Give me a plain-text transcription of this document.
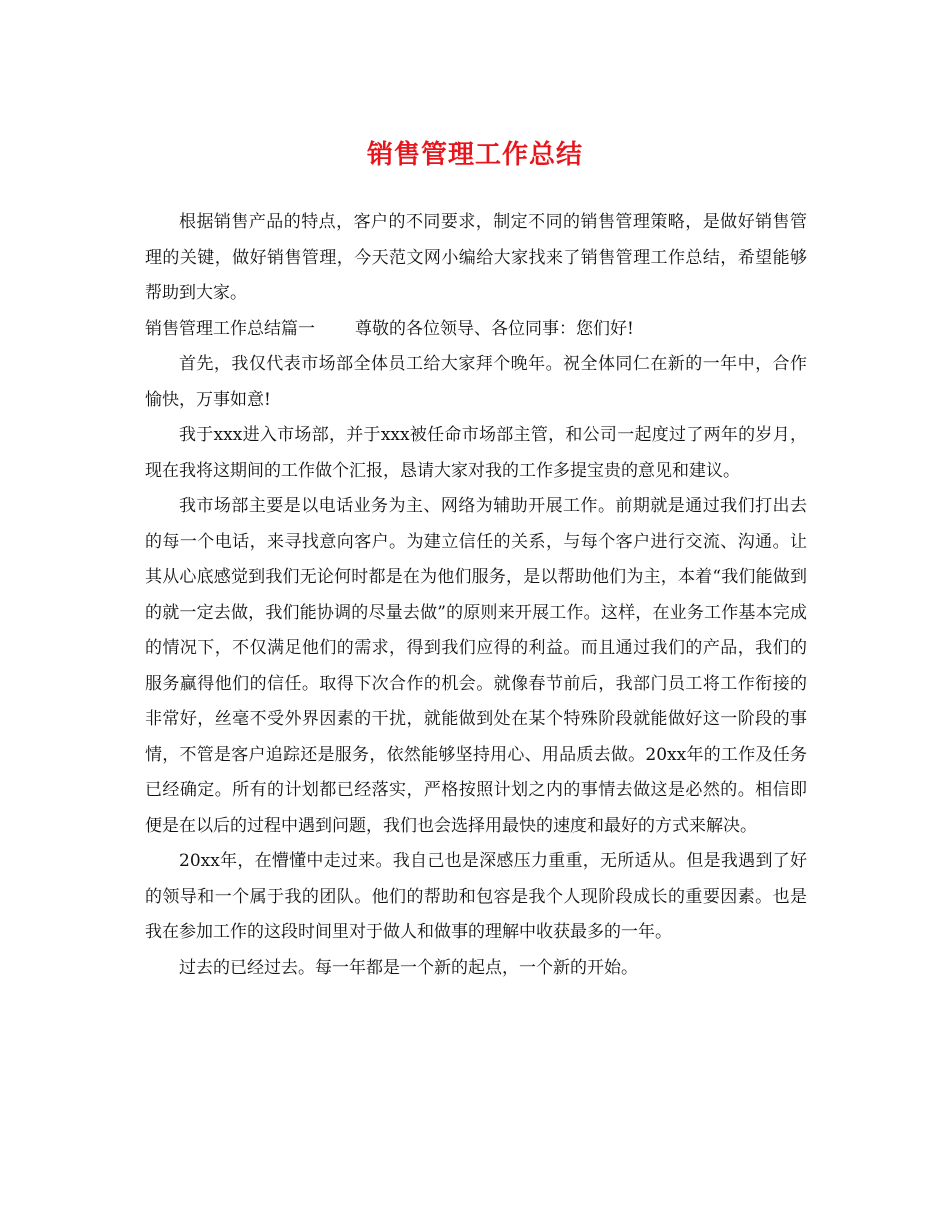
销售管理工作总结

根据销售产品的特点，客户的不同要求，制定不同的销售管理策略，是做好销售管理的关键，做好销售管理，今天范文网小编给大家找来了销售管理工作总结，希望能够帮助到大家。

销售管理工作总结篇一 尊敬的各位领导、各位同事：您们好!

首先，我仅代表市场部全体员工给大家拜个晚年。祝全体同仁在新的一年中，合作愉快，万事如意!

我于xxx进入市场部，并于xxx被任命市场部主管，和公司一起度过了两年的岁月，现在我将这期间的工作做个汇报，恳请大家对我的工作多提宝贵的意见和建议。

我市场部主要是以电话业务为主、网络为辅助开展工作。前期就是通过我们打出去的每一个电话，来寻找意向客户。为建立信任的关系，与每个客户进行交流、沟通。让其从心底感觉到我们无论何时都是在为他们服务，是以帮助他们为主，本着“我们能做到的就一定去做，我们能协调的尽量去做”的原则来开展工作。这样，在业务工作基本完成的情况下，不仅满足他们的需求，得到我们应得的利益。而且通过我们的产品，我们的服务赢得他们的信任。取得下次合作的机会。就像春节前后，我部门员工将工作衔接的非常好，丝毫不受外界因素的干扰，就能做到处在某个特殊阶段就能做好这一阶段的事情，不管是客户追踪还是服务，依然能够坚持用心、用品质去做。20xx年的工作及任务已经确定。所有的计划都已经落实，严格按照计划之内的事情去做这是必然的。相信即便是在以后的过程中遇到问题，我们也会选择用最快的速度和最好的方式来解决。

20xx年，在懵懂中走过来。我自己也是深感压力重重，无所适从。但是我遇到了好的领导和一个属于我的团队。他们的帮助和包容是我个人现阶段成长的重要因素。也是我在参加工作的这段时间里对于做人和做事的理解中收获最多的一年。

过去的已经过去。每一年都是一个新的起点，一个新的开始。
